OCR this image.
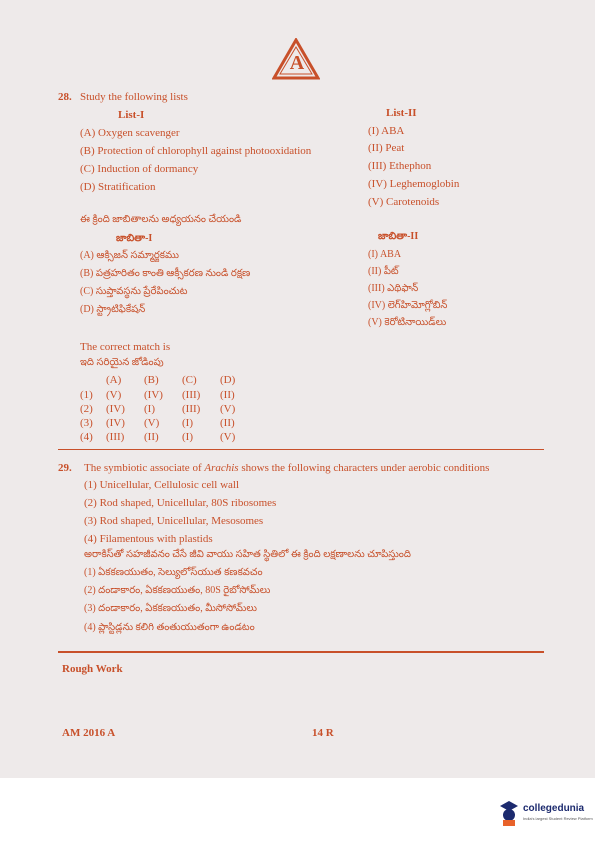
A
28. Study the following lists
List-I	List-II
(A) Oxygen scavenger
(B) Protection of chlorophyll against photooxidation
(C) Induction of dormancy
(D) Stratification
(I) ABA
(II) Peat
(III) Ethephon
(IV) Leghemoglobin
(V) Carotenoids
ఈ క్రింది జాబితాలను అధ్యయనం చేయండి
జాబితా-I	జాబితా-II
(A) ఆక్సిజన్ సమ్మార్జకము
(B) పత్రహరితం కాంతి ఆక్సీకరణ నుండి రక్షణ
(C) సుప్తావస్థను ప్రేరేపించుట
(D) స్ట్రాటిఫికేషన్
(I) ABA
(II) పీట్
(III) ఎథిఫాన్
(IV) లెగ్‌హిమోగ్లోబిన్
(V) కెరోటినాయిడ్‌లు
The correct match is
ఇది సరియైన జోడింపు
(A) (B) (C) (D)
(1) (V) (IV) (III) (II)
(2) (IV) (I) (III) (V)
(3) (IV) (V) (I) (II)
(4) (III) (II) (I) (V)
29. The symbiotic associate of Arachis shows the following characters under aerobic conditions
(1) Unicellular, Cellulosic cell wall
(2) Rod shaped, Unicellular, 80S ribosomes
(3) Rod shaped, Unicellular, Mesosomes
(4) Filamentous with plastids
అరాకిస్‌తో సహజీవనం చేసే జీవి వాయు సహిత స్థితిలో ఈ క్రింది లక్షణాలను చూపిస్తుంది
(1) ఏకకణయుతం, సెల్యులోస్‌యుత కణకవచం
(2) దండాకారం, ఏకకణయుతం, 80S రైబోసోమ్‌లు
(3) దండాకారం, ఏకకణయుతం, మీసోసోమ్‌లు
(4) ప్లాస్టిడ్లను కలిగి తంతుయుతంగా ఉండటం
Rough Work
AM 2016 A	14 R
collegedunia
India's largest Student Review Platform
